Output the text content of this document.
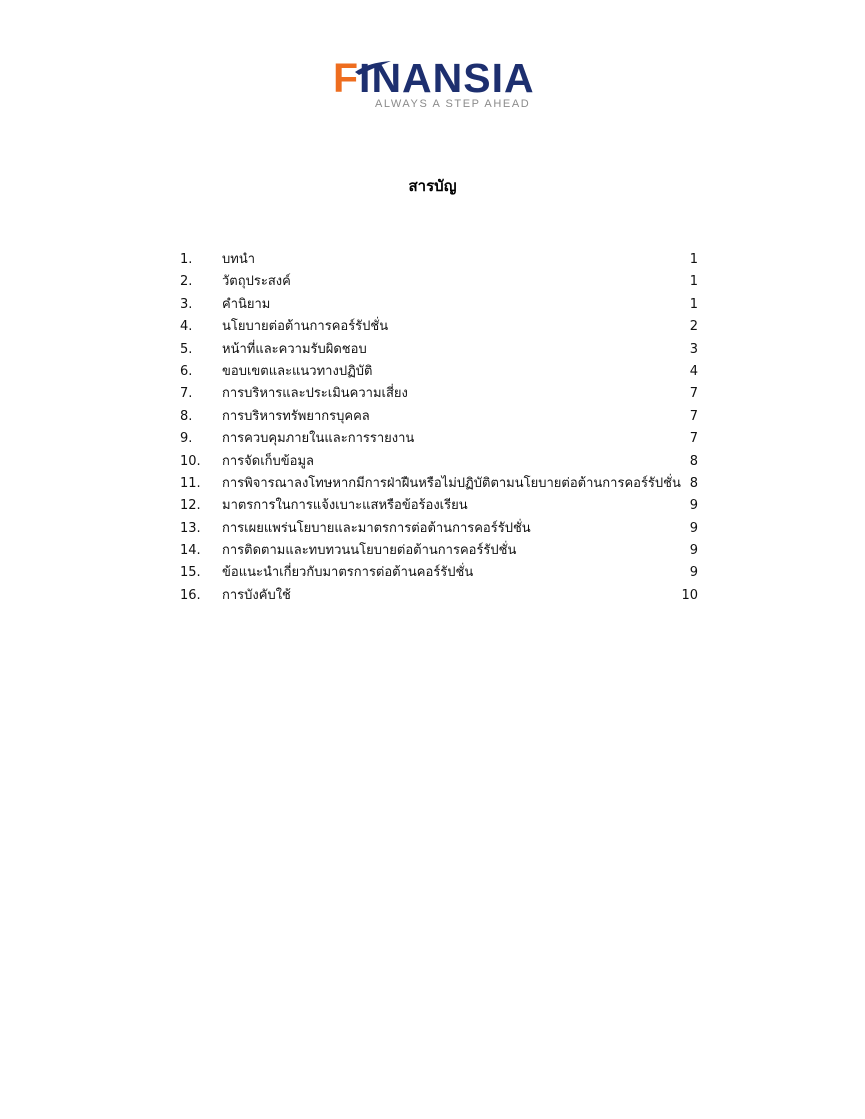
FINANSIA
ALWAYS A STEP AHEAD
สารบัญ
1. บทนำ	1
2. วัตถุประสงค์	1
3. คำนิยาม	1
4. นโยบายต่อต้านการคอร์รัปชั่น	2
5. หน้าที่และความรับผิดชอบ	3
6. ขอบเขตและแนวทางปฏิบัติ	4
7. การบริหารและประเมินความเสี่ยง	7
8. การบริหารทรัพยากรบุคคล	7
9. การควบคุมภายในและการรายงาน	7
10. การจัดเก็บข้อมูล	8
11. การพิจารณาลงโทษหากมีการฝ่าฝืนหรือไม่ปฏิบัติตามนโยบายต่อต้านการคอร์รัปชั่น 8
12. มาตรการในการแจ้งเบาะแสหรือข้อร้องเรียน	9
13. การเผยแพร่นโยบายและมาตรการต่อต้านการคอร์รัปชั่น	9
14. การติดตามและทบทวนนโยบายต่อต้านการคอร์รัปชั่น	9
15. ข้อแนะนำเกี่ยวกับมาตรการต่อต้านคอร์รัปชั่น	9
16. การบังคับใช้	10
